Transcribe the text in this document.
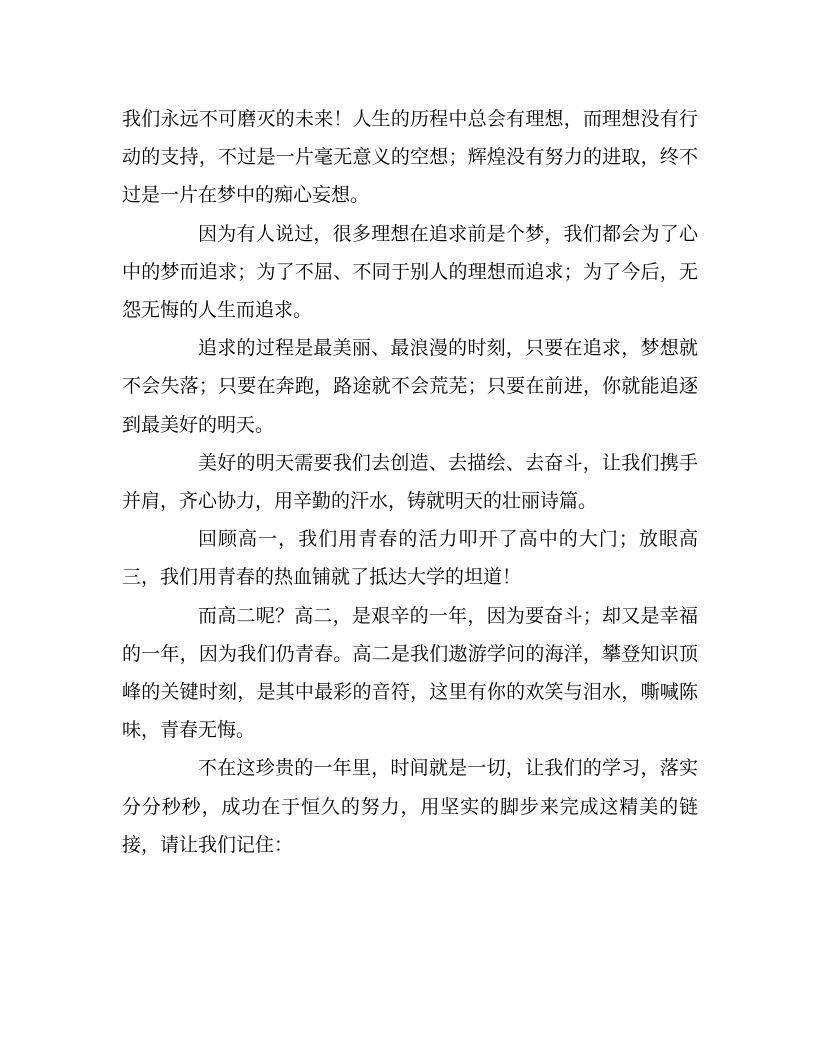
我们永远不可磨灭的未来！人生的历程中总会有理想，而理想没有行动的支持，不过是一片毫无意义的空想；辉煌没有努力的进取，终不过是一片在梦中的痴心妄想。

因为有人说过，很多理想在追求前是个梦，我们都会为了心中的梦而追求；为了不屈、不同于别人的理想而追求；为了今后，无怨无悔的人生而追求。

追求的过程是最美丽、最浪漫的时刻，只要在追求，梦想就不会失落；只要在奔跑，路途就不会荒芜；只要在前进，你就能追逐到最美好的明天。

美好的明天需要我们去创造、去描绘、去奋斗，让我们携手并肩，齐心协力，用辛勤的汗水，铸就明天的壮丽诗篇。

回顾高一，我们用青春的活力叩开了高中的大门；放眼高三，我们用青春的热血铺就了抵达大学的坦道！

而高二呢？高二，是艰辛的一年，因为要奋斗；却又是幸福的一年，因为我们仍青春。高二是我们遨游学问的海洋，攀登知识顶峰的关键时刻，是其中最彩的音符，这里有你的欢笑与泪水，嘶喊陈味，青春无悔。

不在这珍贵的一年里，时间就是一切，让我们的学习，落实分分秒秒，成功在于恒久的努力，用坚实的脚步来完成这精美的链接，请让我们记住：
